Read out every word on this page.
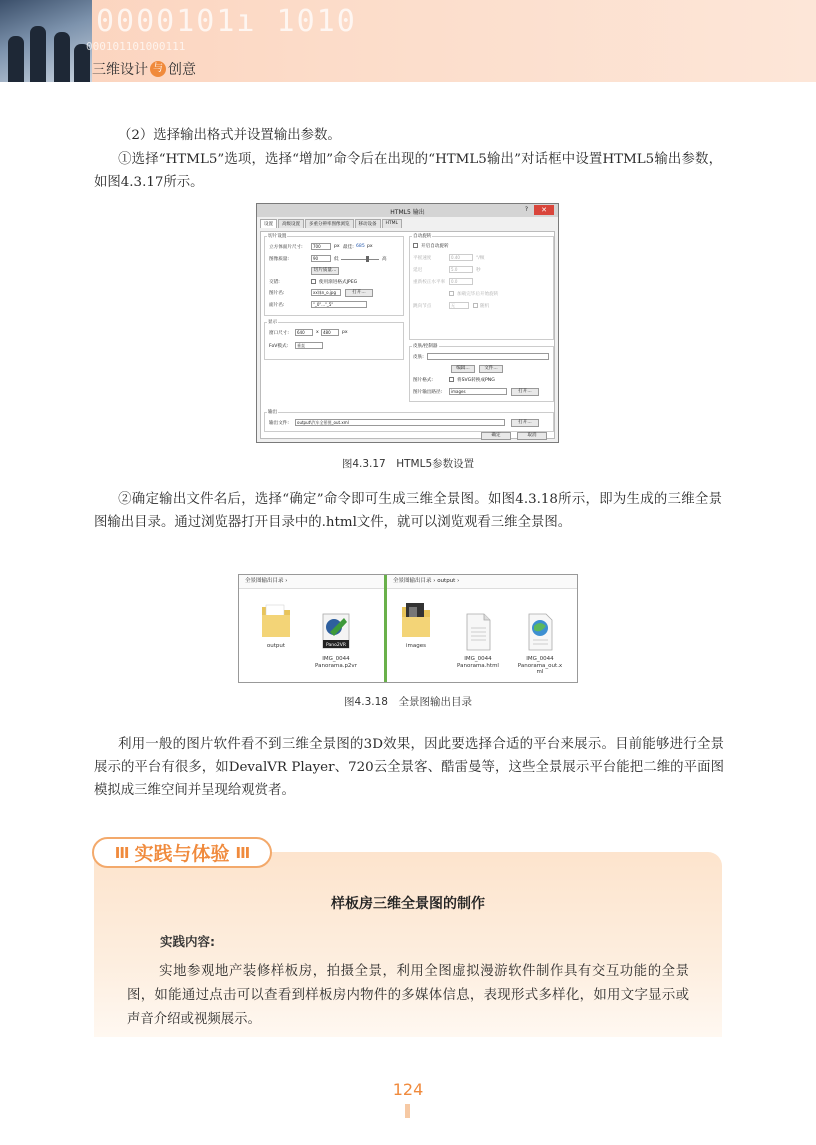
0000101ı 1010
000101101000111
三维设计 与 创意
（2）选择输出格式并设置输出参数。
①选择“HTML5”选项，选择“增加”命令后在出现的“HTML5输出”对话框中设置HTML5输出参数，如图4.3.17所示。
HTML5 输出	?	✕
设置	高级设置	多重分辨率图像浏览	移动设备	HTML
切片设置
立方体面片尺寸:	700	px 最佳: 685 px
图像质量:	90	低	高
切片质量...
交错:	使用渐进格式JPEG
图片名:	xx\$n_o.jpg	打开...
面片名:	"_0"..."_5"
显示
窗口尺寸:	640	x	480	px
FoV模式:	垂直
自动旋转
开启自动旋转
平摇速度	0.40	°/帧
延迟	5.0	秒
重新校正水平率	0.0
加载完毕后开始旋转
跳向节点	无	随机
皮肤/控制器
皮肤:
编辑...	文件...
图片格式:	将SVG转换成PNG
图片输出路径:	images	打开...
输出
输出文件:	output\汽车全景图_out.xml	打开...
确定	取消
图4.3.17　HTML5参数设置
②确定输出文件名后，选择“确定”命令即可生成三维全景图。如图4.3.18所示，即为生成的三维全景图输出目录。通过浏览器打开目录中的.html文件，就可以浏览观看三维全景图。
全景图输出目录 ›
output	Pano2VR

IMG_0044
Panorama.p2vr

全景图输出目录 › output ›
images

IMG_0044
Panorama.html

IMG_0044
Panorama_out.x
ml

图4.3.18　全景图输出目录
利用一般的图片软件看不到三维全景图的3D效果，因此要选择合适的平台来展示。目前能够进行全景展示的平台有很多，如DevalVR Player、720云全景客、酷雷曼等，这些全景展示平台能把二维的平面图模拟成三维空间并呈现给观赏者。
III 实践与体验 III
样板房三维全景图的制作
实践内容:
实地参观地产装修样板房，拍摄全景，利用全图虚拟漫游软件制作具有交互功能的全景图，如能通过点击可以查看到样板房内物件的多媒体信息，表现形式多样化，如用文字显示或声音介绍或视频展示。
124
